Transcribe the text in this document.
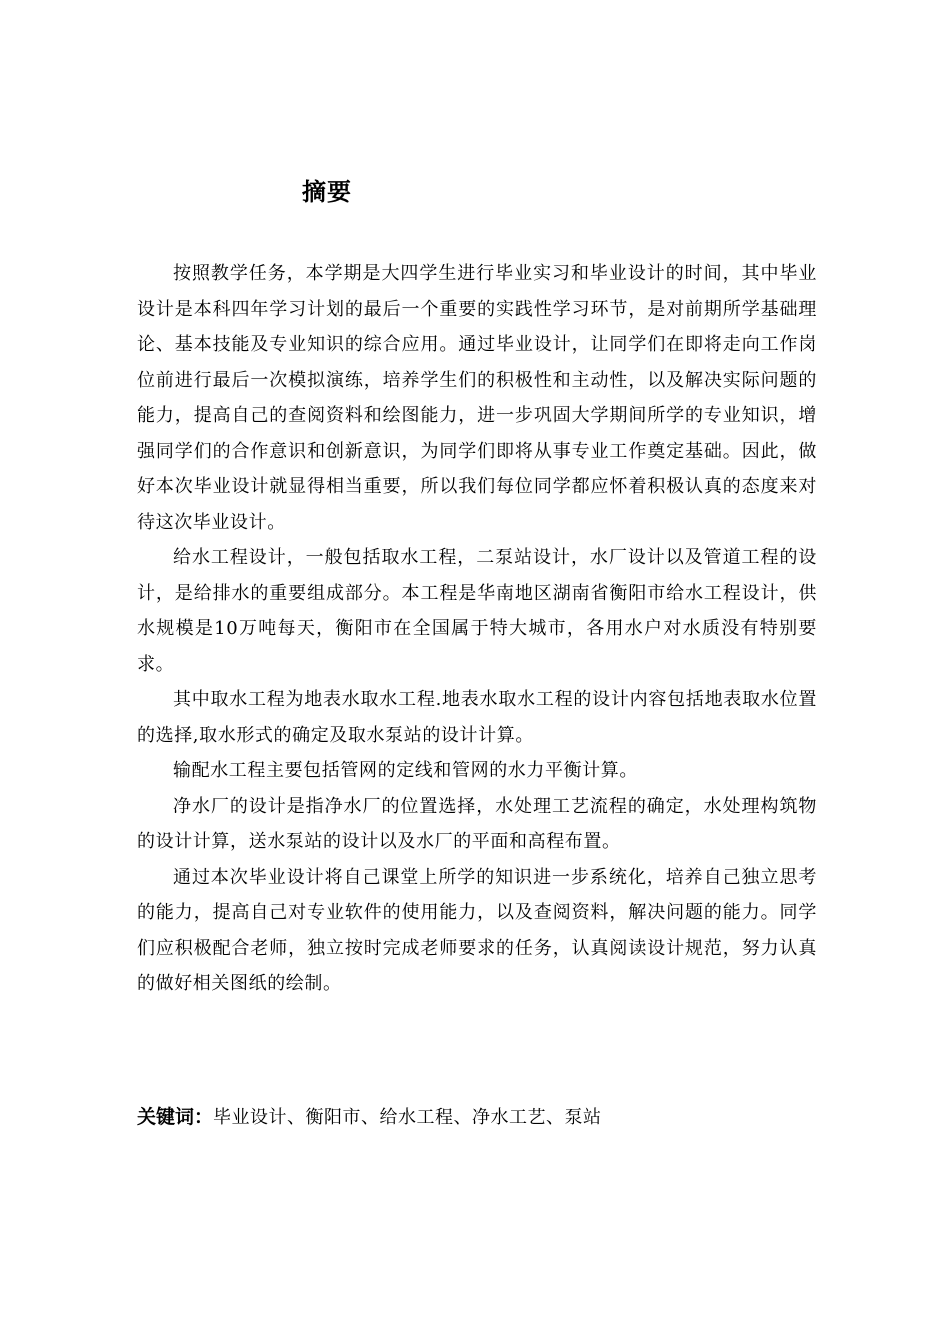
摘要

按照教学任务，本学期是大四学生进行毕业实习和毕业设计的时间，其中毕业设计是本科四年学习计划的最后一个重要的实践性学习环节，是对前期所学基础理论、基本技能及专业知识的综合应用。通过毕业设计，让同学们在即将走向工作岗位前进行最后一次模拟演练，培养学生们的积极性和主动性，以及解决实际问题的能力，提高自己的查阅资料和绘图能力，进一步巩固大学期间所学的专业知识，增强同学们的合作意识和创新意识，为同学们即将从事专业工作奠定基础。因此，做好本次毕业设计就显得相当重要，所以我们每位同学都应怀着积极认真的态度来对待这次毕业设计。

给水工程设计，一般包括取水工程，二泵站设计，水厂设计以及管道工程的设计，是给排水的重要组成部分。本工程是华南地区湖南省衡阳市给水工程设计，供水规模是10万吨每天，衡阳市在全国属于特大城市，各用水户对水质没有特别要求。

其中取水工程为地表水取水工程.地表水取水工程的设计内容包括地表取水位置的选择,取水形式的确定及取水泵站的设计计算。

输配水工程主要包括管网的定线和管网的水力平衡计算。

净水厂的设计是指净水厂的位置选择，水处理工艺流程的确定，水处理构筑物的设计计算，送水泵站的设计以及水厂的平面和高程布置。

通过本次毕业设计将自己课堂上所学的知识进一步系统化，培养自己独立思考的能力，提高自己对专业软件的使用能力，以及查阅资料，解决问题的能力。同学们应积极配合老师，独立按时完成老师要求的任务，认真阅读设计规范，努力认真的做好相关图纸的绘制。

关键词：毕业设计、衡阳市、给水工程、净水工艺、泵站
